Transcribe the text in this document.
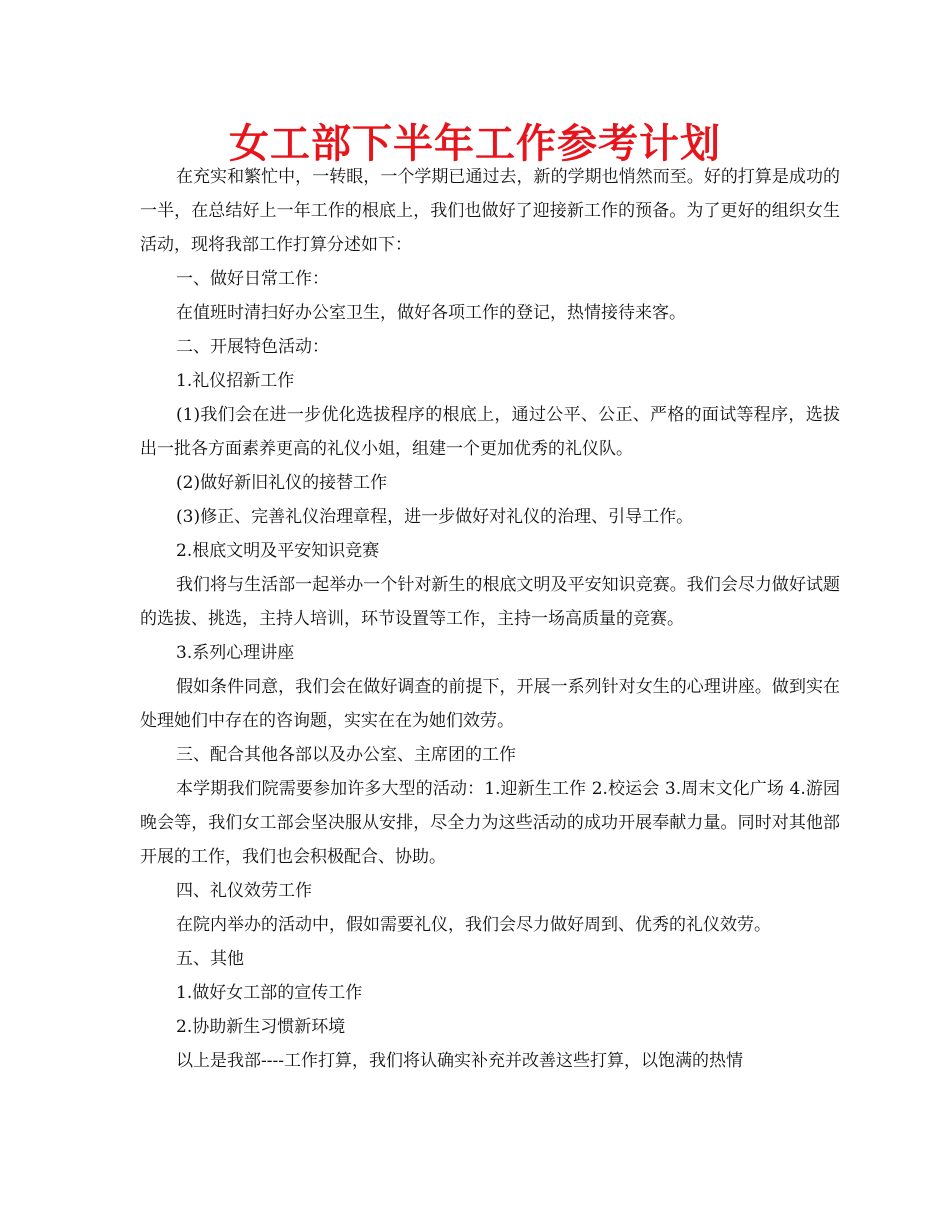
女工部下半年工作参考计划

在充实和繁忙中，一转眼，一个学期已通过去，新的学期也悄然而至。好的打算是成功的一半，在总结好上一年工作的根底上，我们也做好了迎接新工作的预备。为了更好的组织女生活动，现将我部工作打算分述如下：

一、做好日常工作：

在值班时清扫好办公室卫生，做好各项工作的登记，热情接待来客。

二、开展特色活动：

1.礼仪招新工作

(1)我们会在进一步优化选拔程序的根底上，通过公平、公正、严格的面试等程序，选拔出一批各方面素养更高的礼仪小姐，组建一个更加优秀的礼仪队。

(2)做好新旧礼仪的接替工作

(3)修正、完善礼仪治理章程，进一步做好对礼仪的治理、引导工作。

2.根底文明及平安知识竞赛

我们将与生活部一起举办一个针对新生的根底文明及平安知识竞赛。我们会尽力做好试题的选拔、挑选，主持人培训，环节设置等工作，主持一场高质量的竞赛。

3.系列心理讲座

假如条件同意，我们会在做好调查的前提下，开展一系列针对女生的心理讲座。做到实在处理她们中存在的咨询题，实实在在为她们效劳。

三、配合其他各部以及办公室、主席团的工作

本学期我们院需要参加许多大型的活动：1.迎新生工作 2.校运会 3.周末文化广场 4.游园晚会等，我们女工部会坚决服从安排，尽全力为这些活动的成功开展奉献力量。同时对其他部开展的工作，我们也会积极配合、协助。

四、礼仪效劳工作

在院内举办的活动中，假如需要礼仪，我们会尽力做好周到、优秀的礼仪效劳。

五、其他

1.做好女工部的宣传工作

2.协助新生习惯新环境

以上是我部----工作打算，我们将认确实补充并改善这些打算，以饱满的热情
